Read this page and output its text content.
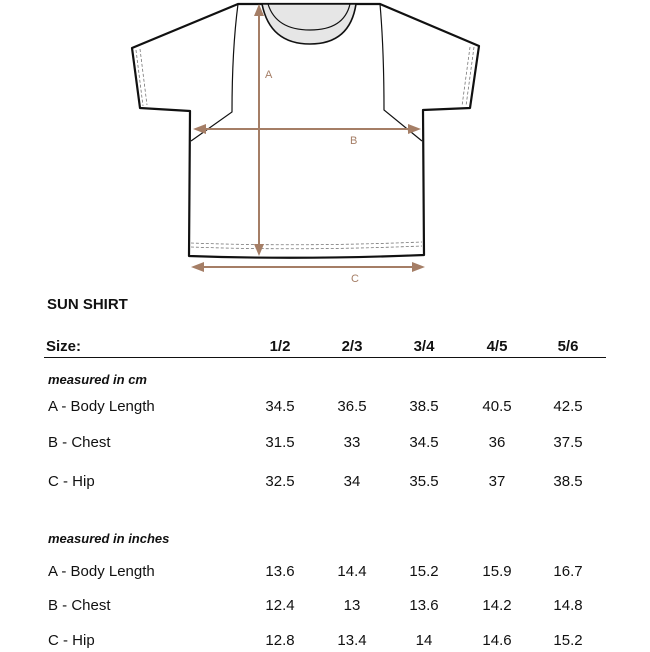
A
B
C
SUN SHIRT
Size:	1/2	2/3	3/4	4/5	5/6
measured in cm
A - Body Length	34.5	36.5	38.5	40.5	42.5
B - Chest	31.5	33	34.5	36	37.5
C - Hip	32.5	34	35.5	37	38.5
measured in inches
A - Body Length	13.6	14.4	15.2	15.9	16.7
B - Chest	12.4	13	13.6	14.2	14.8
C - Hip	12.8	13.4	14	14.6	15.2
